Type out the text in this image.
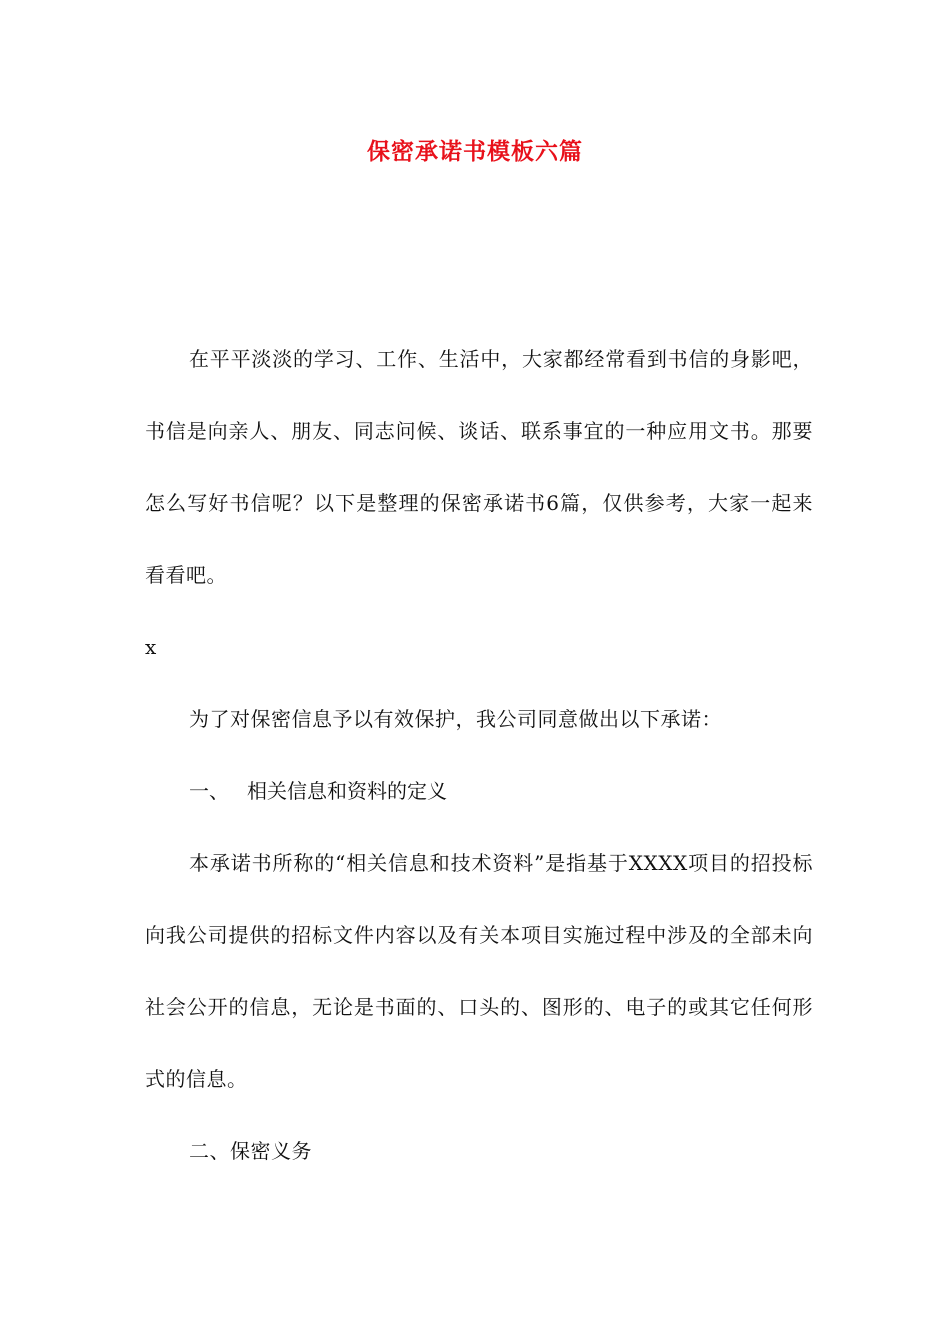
保密承诺书模板六篇

在平平淡淡的学习、工作、生活中，大家都经常看到书信的身影吧，书信是向亲人、朋友、同志问候、谈话、联系事宜的一种应用文书。那要怎么写好书信呢？以下是整理的保密承诺书6篇，仅供参考，大家一起来看看吧。

x

为了对保密信息予以有效保护，我公司同意做出以下承诺：

一、 相关信息和资料的定义

本承诺书所称的“相关信息和技术资料”是指基于XXXX项目的招投标向我公司提供的招标文件内容以及有关本项目实施过程中涉及的全部未向社会公开的信息，无论是书面的、口头的、图形的、电子的或其它任何形式的信息。

二、保密义务
